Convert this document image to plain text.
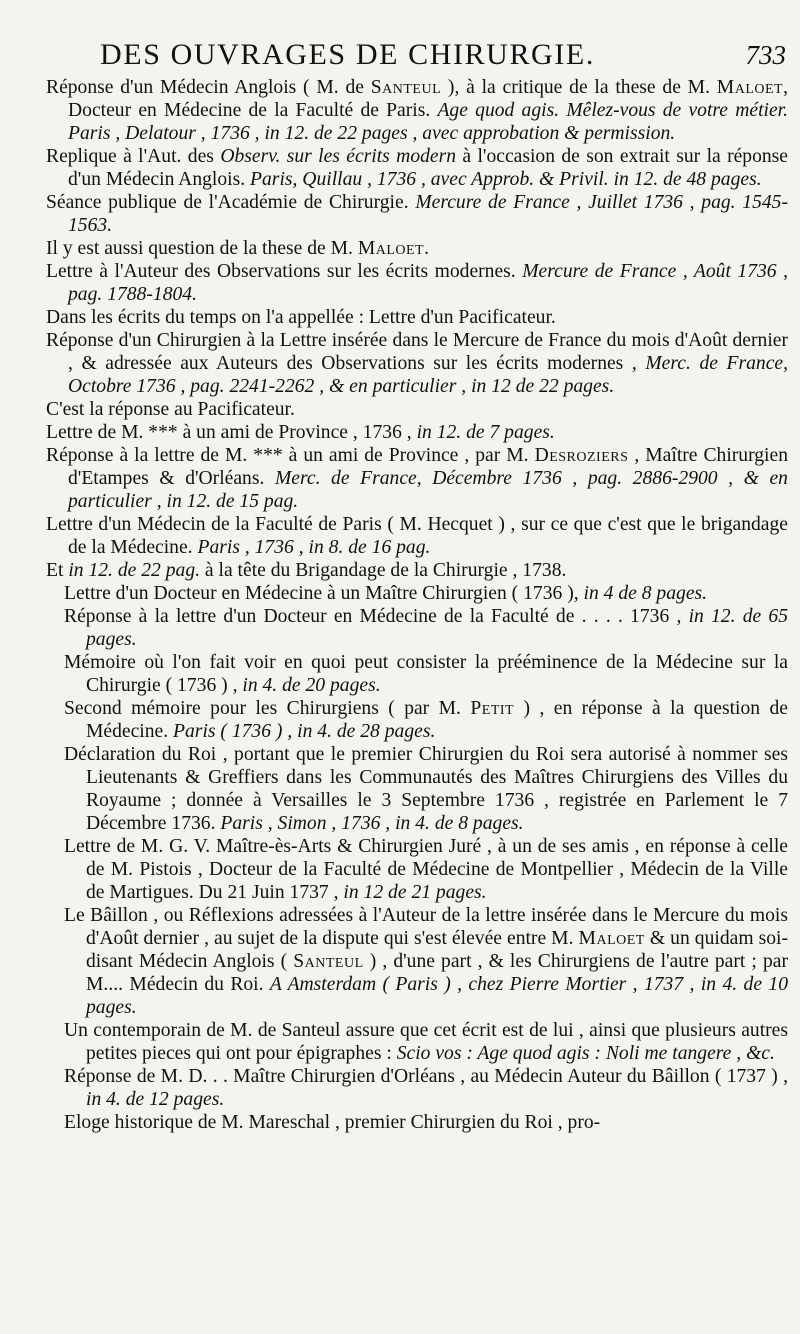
DES OUVRAGES DE CHIRURGIE.	733

Réponse d'un Médecin Anglois ( M. de Santeul ), à la critique de la these de M. Maloet, Docteur en Médecine de la Faculté de Paris. Age quod agis. Mêlez-vous de votre métier. Paris , Delatour , 1736 , in 12. de 22 pages , avec approbation & permission.

Replique à l'Aut. des Observ. sur les écrits modern à l'occasion de son extrait sur la réponse d'un Médecin Anglois. Paris, Quillau , 1736 , avec Approb. & Privil. in 12. de 48 pages.

Séance publique de l'Académie de Chirurgie. Mercure de France , Juillet 1736 , pag. 1545-1563.

Il y est aussi question de la these de M. Maloet.

Lettre à l'Auteur des Observations sur les écrits modernes. Mercure de France , Août 1736 , pag. 1788-1804.

Dans les écrits du temps on l'a appellée : Lettre d'un Pacificateur.

Réponse d'un Chirurgien à la Lettre insérée dans le Mercure de France du mois d'Août dernier , & adressée aux Auteurs des Observations sur les écrits modernes , Merc. de France, Octobre 1736 , pag. 2241-2262 , & en particulier , in 12 de 22 pages.

C'est la réponse au Pacificateur.

Lettre de M. *** à un ami de Province , 1736 , in 12. de 7 pages.

Réponse à la lettre de M. *** à un ami de Province , par M. Desroziers , Maître Chirurgien d'Etampes & d'Orléans. Merc. de France, Décembre 1736 , pag. 2886-2900 , & en particulier , in 12. de 15 pag.

Lettre d'un Médecin de la Faculté de Paris ( M. Hecquet ) , sur ce que c'est que le brigandage de la Médecine. Paris , 1736 , in 8. de 16 pag.

Et in 12. de 22 pag. à la tête du Brigandage de la Chirurgie , 1738.

Lettre d'un Docteur en Médecine à un Maître Chirurgien ( 1736 ), in 4 de 8 pages.

Réponse à la lettre d'un Docteur en Médecine de la Faculté de . . . . 1736 , in 12. de 65 pages.

Mémoire où l'on fait voir en quoi peut consister la prééminence de la Médecine sur la Chirurgie ( 1736 ) , in 4. de 20 pages.

Second mémoire pour les Chirurgiens ( par M. Petit ) , en réponse à la question de Médecine. Paris ( 1736 ) , in 4. de 28 pages.

Déclaration du Roi , portant que le premier Chirurgien du Roi sera autorisé à nommer ses Lieutenants & Greffiers dans les Communautés des Maîtres Chirurgiens des Villes du Royaume ; donnée à Versailles le 3 Septembre 1736 , registrée en Parlement le 7 Décembre 1736. Paris , Simon , 1736 , in 4. de 8 pages.

Lettre de M. G. V. Maître-ès-Arts & Chirurgien Juré , à un de ses amis , en réponse à celle de M. Pistois , Docteur de la Faculté de Médecine de Montpellier , Médecin de la Ville de Martigues. Du 21 Juin 1737 , in 12 de 21 pages.

Le Bâillon , ou Réflexions adressées à l'Auteur de la lettre insérée dans le Mercure du mois d'Août dernier , au sujet de la dispute qui s'est élevée entre M. Maloet & un quidam soi-disant Médecin Anglois ( Santeul ) , d'une part , & les Chirurgiens de l'autre part ; par M.... Médecin du Roi. A Amsterdam ( Paris ) , chez Pierre Mortier , 1737 , in 4. de 10 pages.

Un contemporain de M. de Santeul assure que cet écrit est de lui , ainsi que plusieurs autres petites pieces qui ont pour épigraphes : Scio vos : Age quod agis : Noli me tangere , &c.

Réponse de M. D. . . Maître Chirurgien d'Orléans , au Médecin Auteur du Bâillon ( 1737 ) , in 4. de 12 pages.

Eloge historique de M. Mareschal , premier Chirurgien du Roi , pro-
